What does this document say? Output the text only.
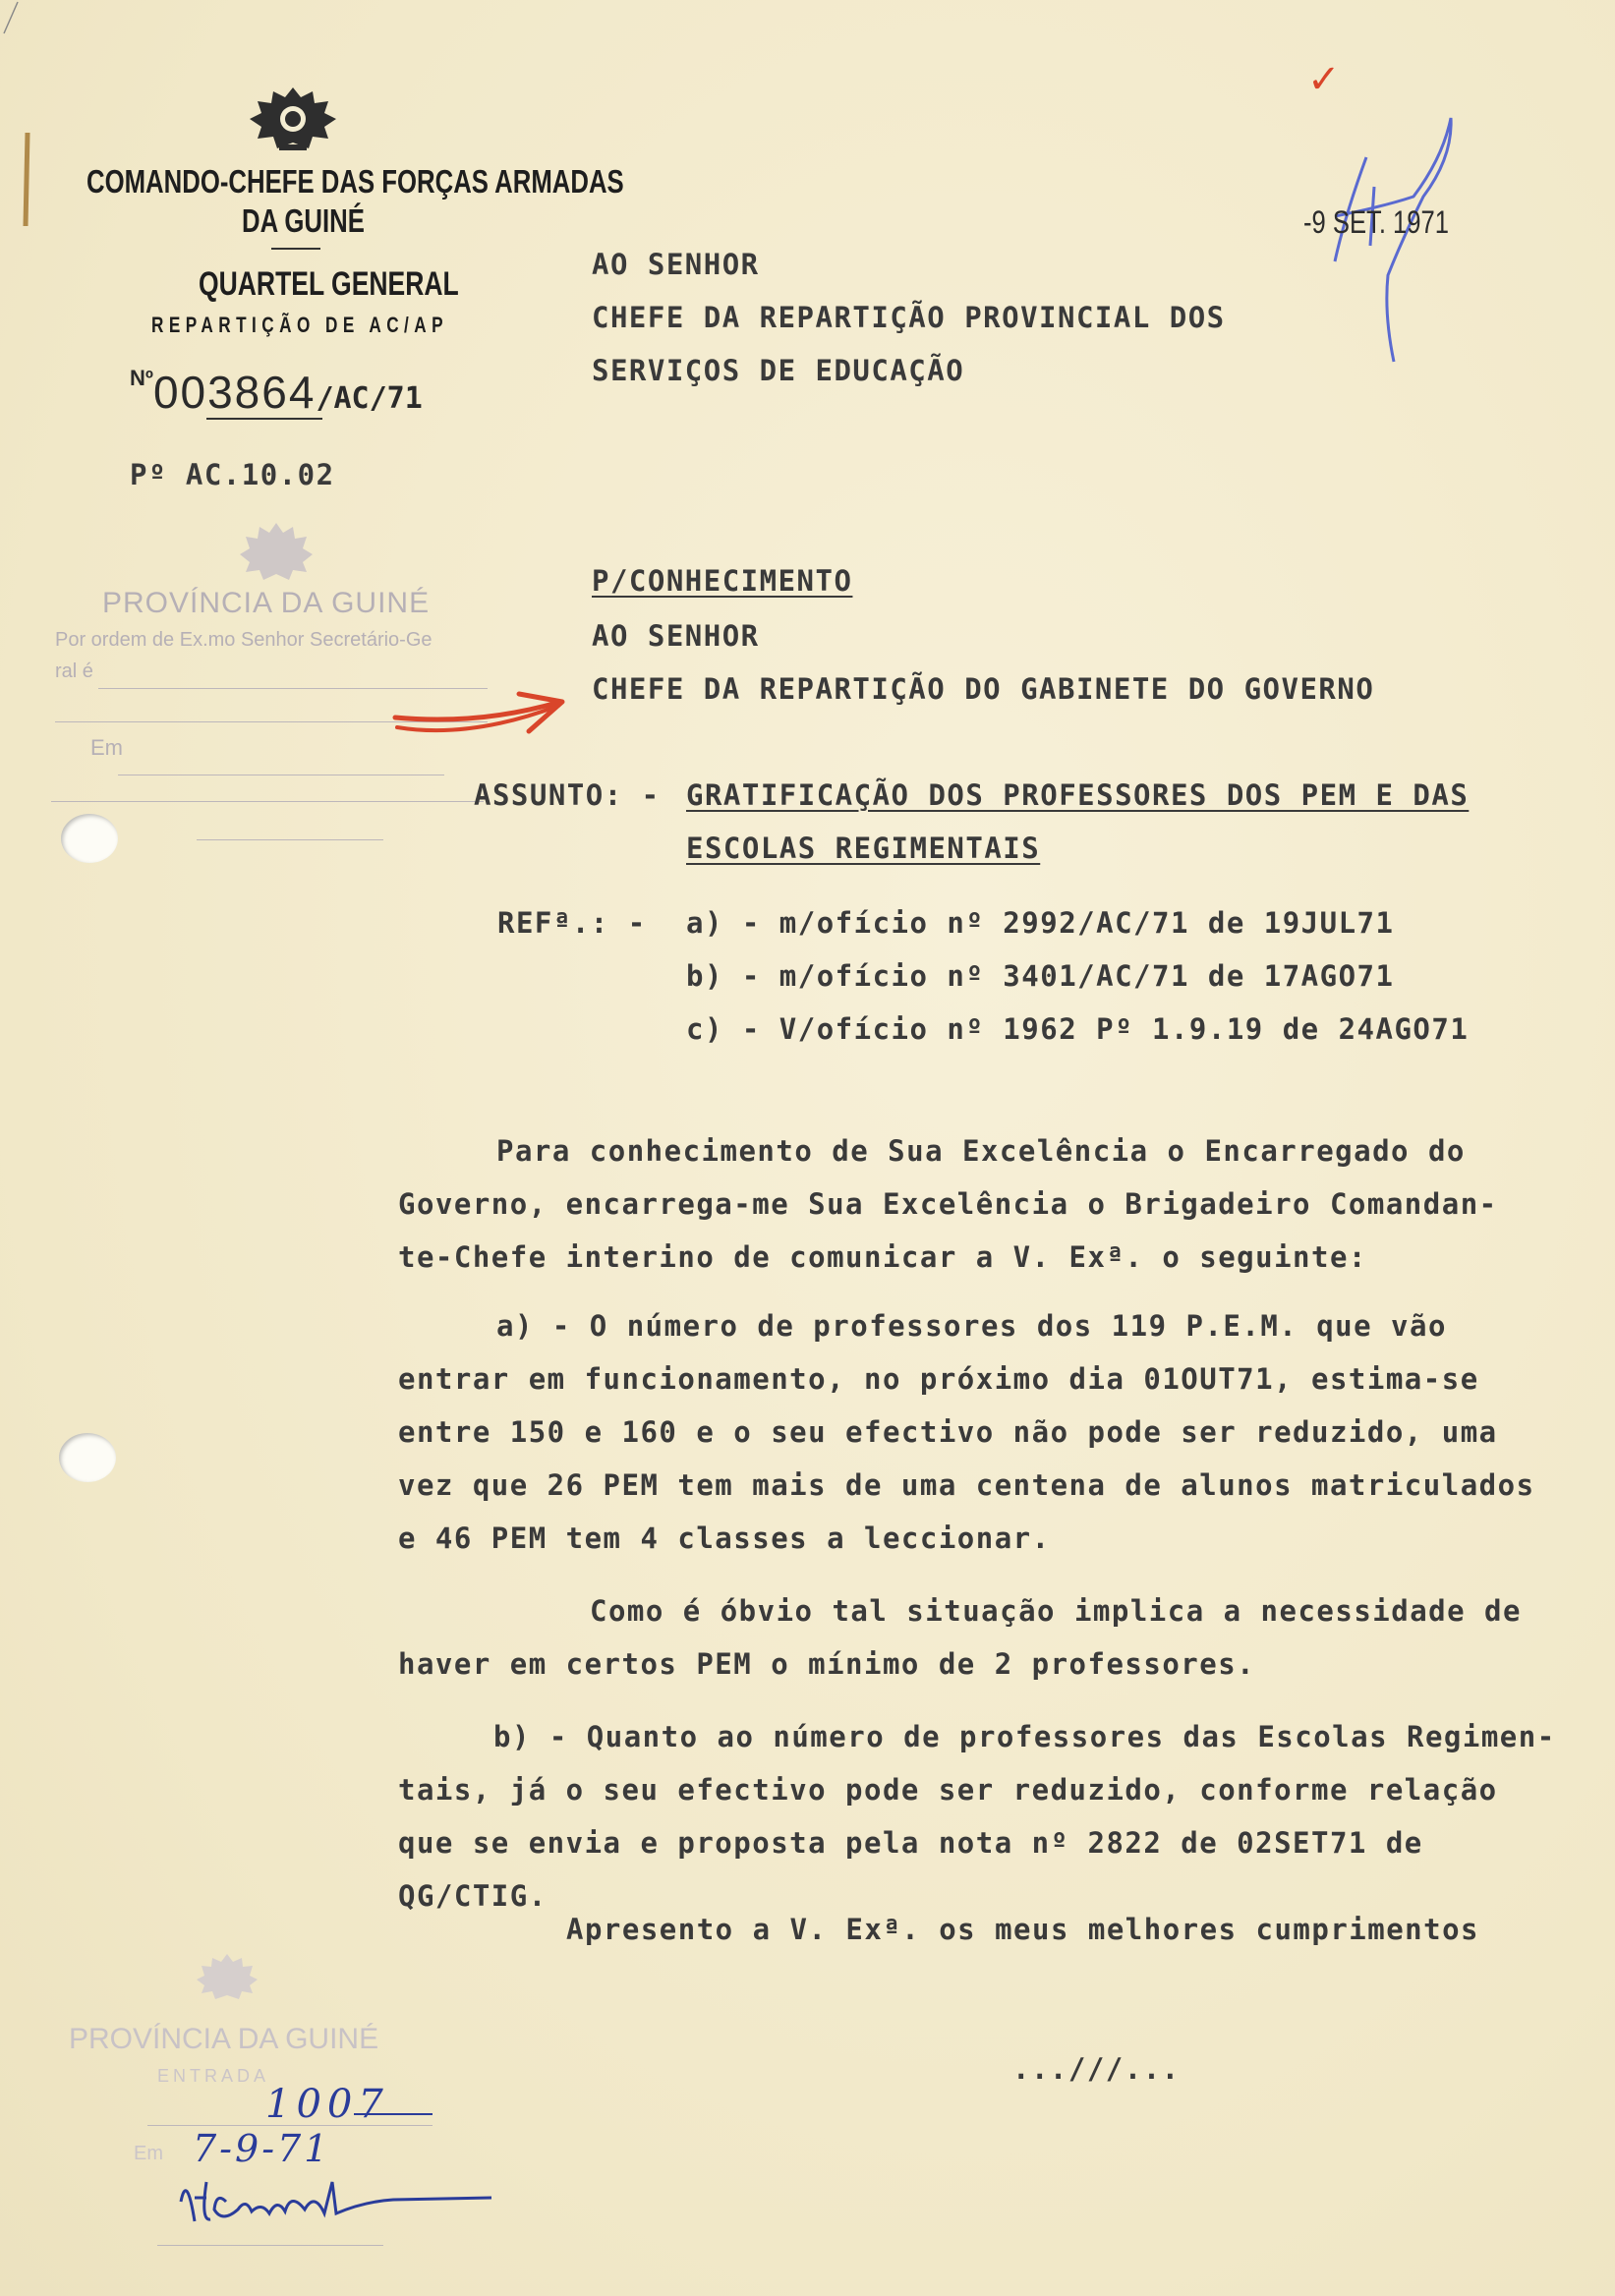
COMANDO-CHEFE DAS FORÇAS ARMADAS
DA GUINÉ
QUARTEL GENERAL
REPARTIÇÃO DE AC/AP
Nº003864/AC/71
Pº AC.10.02
PROVÍNCIA DA GUINÉ
Por ordem de Ex.mo Senhor Secretário-Ge
ral é
Em
✓
-9 SET. 1971
AO SENHOR
CHEFE DA REPARTIÇÃO PROVINCIAL DOS
SERVIÇOS DE EDUCAÇÃO
P/CONHECIMENTO
AO SENHOR
CHEFE DA REPARTIÇÃO DO GABINETE DO GOVERNO
ASSUNTO: - GRATIFICAÇÃO DOS PROFESSORES DOS PEM E DAS
ESCOLAS REGIMENTAIS
REFª.: - a) - m/ofício nº 2992/AC/71 de 19JUL71
b) - m/ofício nº 3401/AC/71 de 17AGO71
c) - V/ofício nº 1962 Pº 1.9.19 de 24AGO71
Para conhecimento de Sua Excelência o Encarregado do
Governo, encarrega-me Sua Excelência o Brigadeiro Comandan-
te-Chefe interino de comunicar a V. Exª. o seguinte:
a) - O número de professores dos 119 P.E.M. que vão
entrar em funcionamento, no próximo dia 01OUT71, estima-se
entre 150 e 160 e o seu efectivo não pode ser reduzido, uma
vez que 26 PEM tem mais de uma centena de alunos matriculados
e 46 PEM tem 4 classes a leccionar.
Como é óbvio tal situação implica a necessidade de
haver em certos PEM o mínimo de 2 professores.
b) - Quanto ao número de professores das Escolas Regimen-
tais, já o seu efectivo pode ser reduzido, conforme relação
que se envia e proposta pela nota nº 2822 de 02SET71 de
QG/CTIG.
Apresento a V. Exª. os meus melhores cumprimentos
...///...
PROVÍNCIA DA GUINÉ
ENTRADA
Em
1007
7-9-71
